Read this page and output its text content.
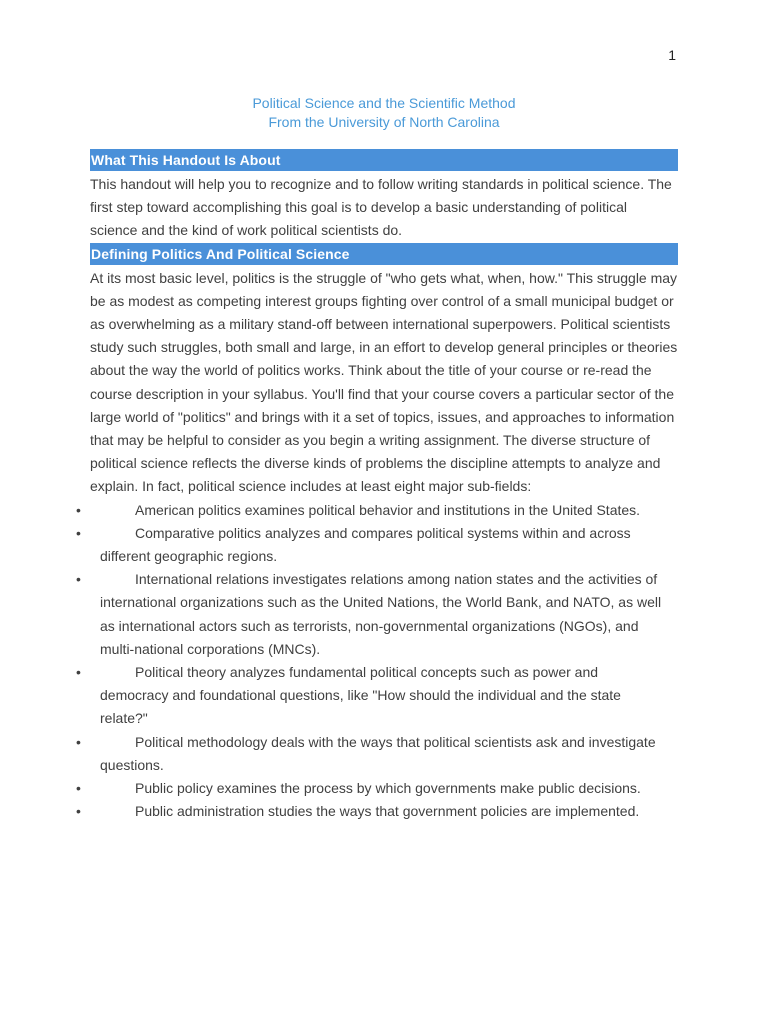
1
Political Science and the Scientific Method
From the University of North Carolina
What This Handout Is About

This handout will help you to recognize and to follow writing standards in political science. The first step toward accomplishing this goal is to develop a basic understanding of political science and the kind of work political scientists do.

Defining Politics And Political Science

At its most basic level, politics is the struggle of "who gets what, when, how." This struggle may be as modest as competing interest groups fighting over control of a small municipal budget or as overwhelming as a military stand-off between international superpowers. Political scientists study such struggles, both small and large, in an effort to develop general principles or theories about the way the world of politics works. Think about the title of your course or re-read the course description in your syllabus. You'll find that your course covers a particular sector of the large world of "politics" and brings with it a set of topics, issues, and approaches to information that may be helpful to consider as you begin a writing assignment. The diverse structure of political science reflects the diverse kinds of problems the discipline attempts to analyze and explain. In fact, political science includes at least eight major sub-fields:

•	American politics examines political behavior and institutions in the United States.
•	Comparative politics analyzes and compares political systems within and across different geographic regions.
•	International relations investigates relations among nation states and the activities of international organizations such as the United Nations, the World Bank, and NATO, as well as international actors such as terrorists, non-governmental organizations (NGOs), and multi-national corporations (MNCs).
•	Political theory analyzes fundamental political concepts such as power and democracy and foundational questions, like "How should the individual and the state relate?"
•	Political methodology deals with the ways that political scientists ask and investigate questions.
•	Public policy examines the process by which governments make public decisions.
•	Public administration studies the ways that government policies are implemented.
